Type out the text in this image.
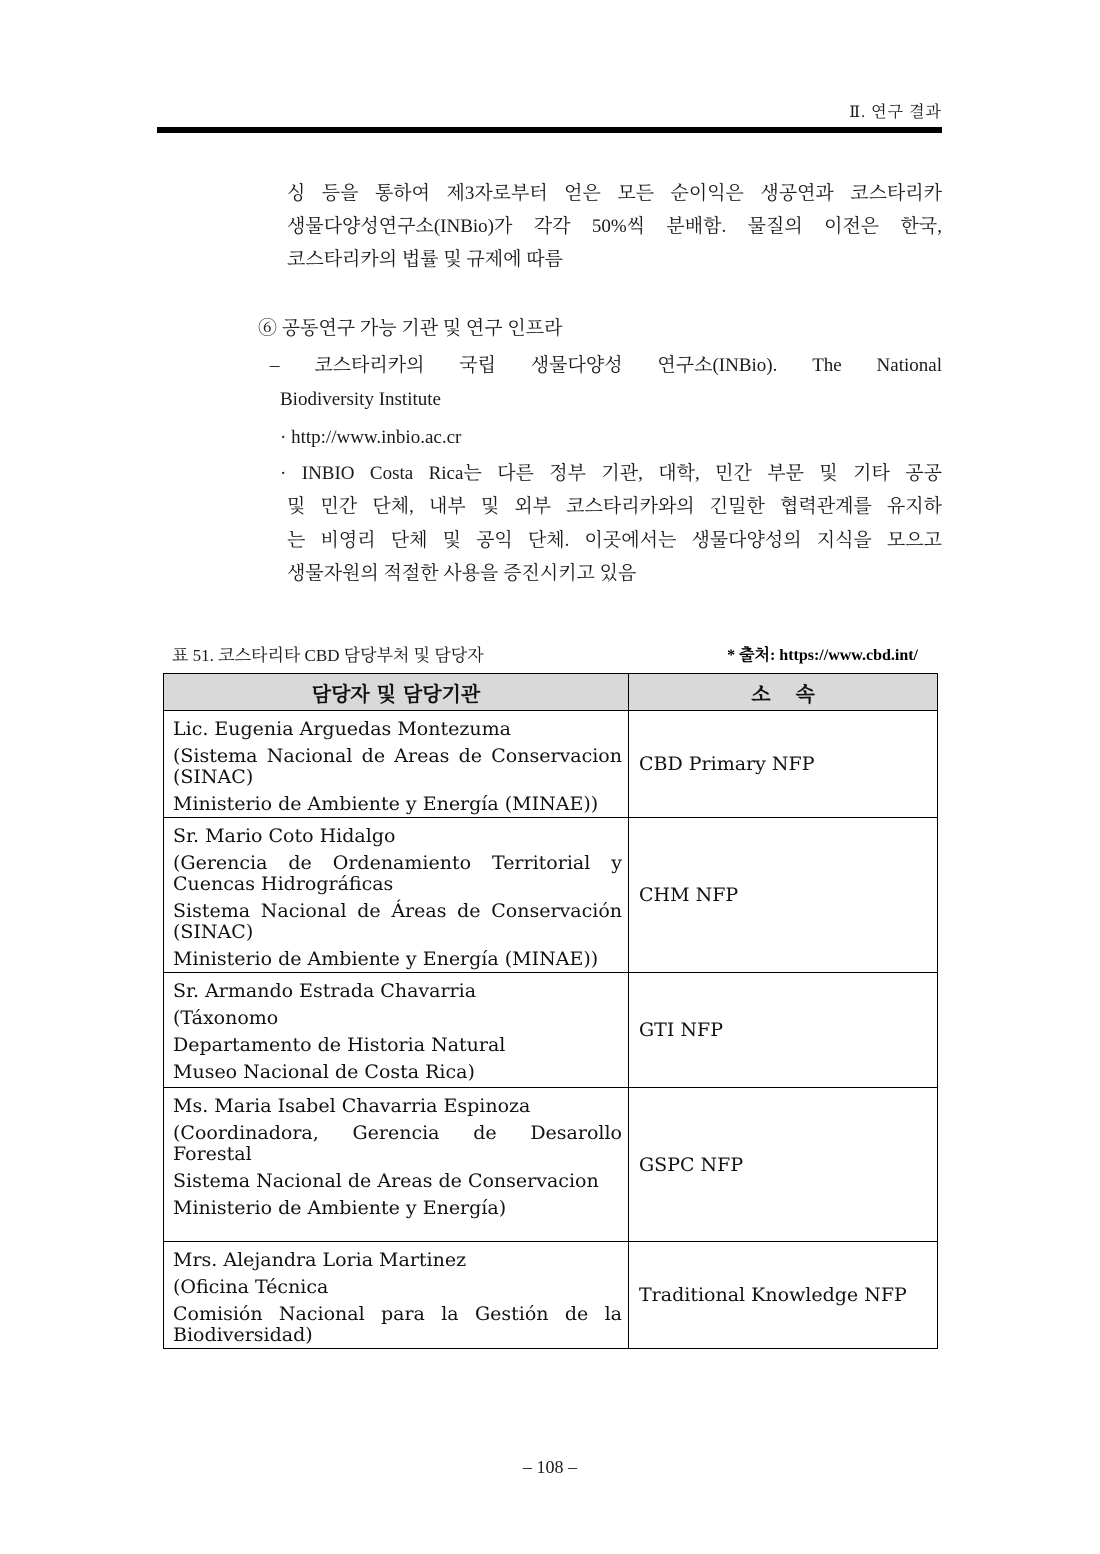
Ⅱ. 연구 결과
싱 등을 통하여 제3자로부터 얻은 모든 순이익은 생공연과 코스타리카
생물다양성연구소(INBio)가 각각 50%씩 분배함. 물질의 이전은 한국,
코스타리카의 법률 및 규제에 따름
⑥ 공동연구 가능 기관 및 연구 인프라
– 코스타리카의 국립 생물다양성 연구소(INBio). The National
Biodiversity Institute
· http://www.inbio.ac.cr
· INBIO Costa Rica는 다른 정부 기관, 대학, 민간 부문 및 기타 공공
및 민간 단체, 내부 및 외부 코스타리카와의 긴밀한 협력관계를 유지하
는 비영리 단체 및 공익 단체. 이곳에서는 생물다양성의 지식을 모으고
생물자원의 적절한 사용을 증진시키고 있음
표 51. 코스타리타 CBD 담당부처 및 담당자	* 출처: https://www.cbd.int/
담당자 및 담당기관	소 속

Lic. Eugenia Arguedas Montezuma
(Sistema Nacional de Areas de Conservacion (SINAC)
Ministerio de Ambiente y Energía (MINAE))	CBD Primary NFP

Sr. Mario Coto Hidalgo
(Gerencia de Ordenamiento Territorial y Cuencas Hidrográficas
Sistema Nacional de Áreas de Conservación (SINAC)
Ministerio de Ambiente y Energía (MINAE))	CHM NFP

Sr. Armando Estrada Chavarria
(Táxonomo
Departamento de Historia Natural
Museo Nacional de Costa Rica)	GTI NFP

Ms. Maria Isabel Chavarria Espinoza
(Coordinadora, Gerencia de Desarollo Forestal
Sistema Nacional de Areas de Conservacion
Ministerio de Ambiente y Energía)	GSPC NFP

Mrs. Alejandra Loria Martinez
(Oficina Técnica
Comisión Nacional para la Gestión de la Biodiversidad)	Traditional Knowledge NFP
– 108 –
